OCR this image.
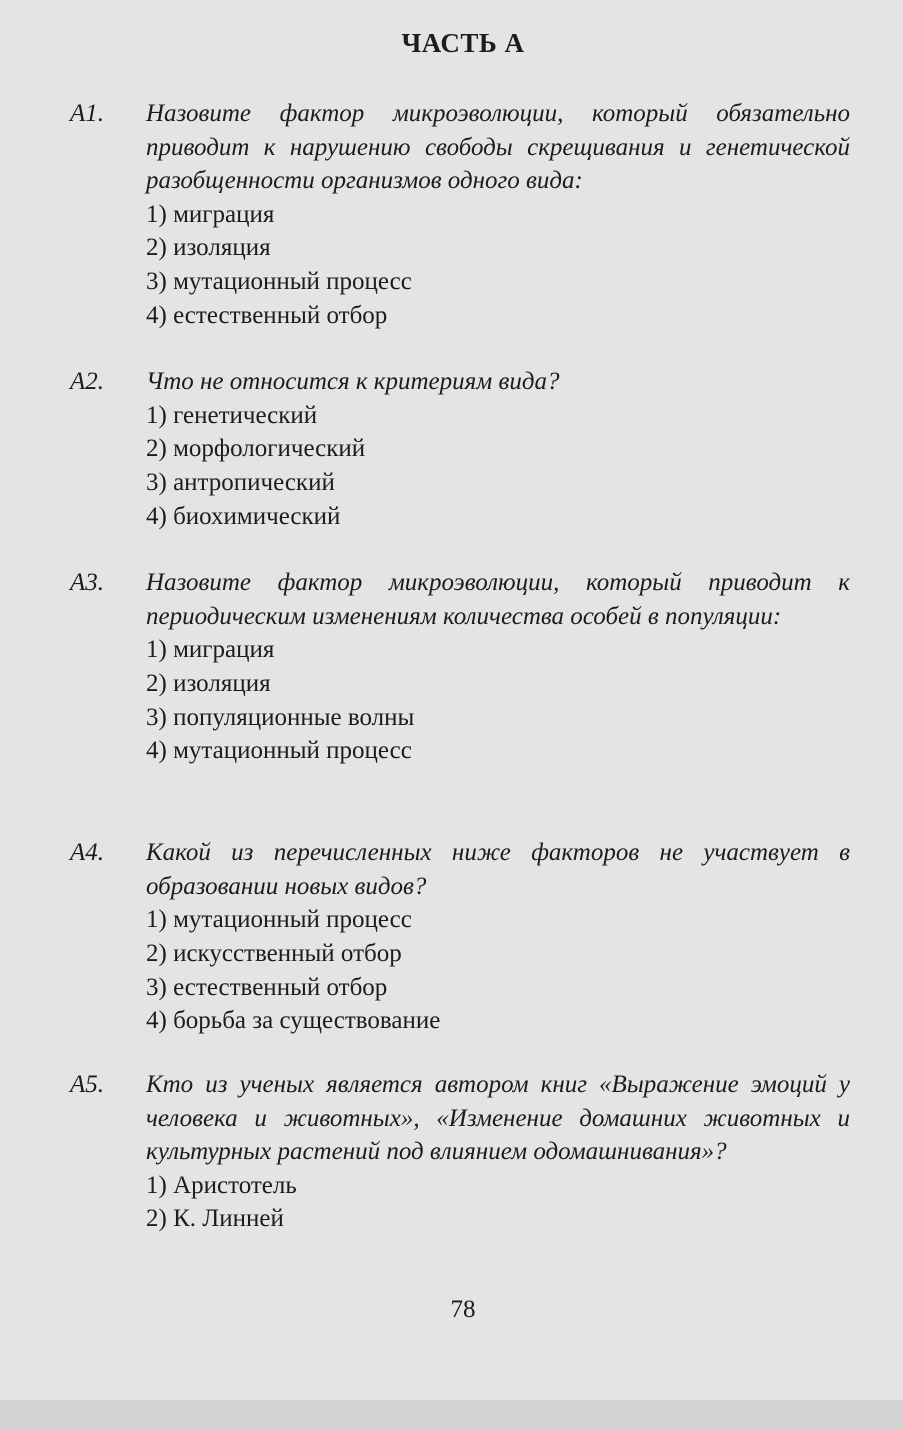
ЧАСТЬ А
А1. Назовите фактор микроэволюции, который обязательно приводит к нарушению свободы скрещивания и генетической разобщенности организмов одного вида:
1) миграция
2) изоляция
3) мутационный процесс
4) естественный отбор
А2. Что не относится к критериям вида?
1) генетический
2) морфологический
3) антропический
4) биохимический
А3. Назовите фактор микроэволюции, который приводит к периодическим изменениям количества особей в популяции:
1) миграция
2) изоляция
3) популяционные волны
4) мутационный процесс
А4. Какой из перечисленных ниже факторов не участвует в образовании новых видов?
1) мутационный процесс
2) искусственный отбор
3) естественный отбор
4) борьба за существование
А5. Кто из ученых является автором книг «Выражение эмоций у человека и животных», «Изменение домашних животных и культурных растений под влиянием одомашнивания»?
1) Аристотель
2) К. Линней
78
